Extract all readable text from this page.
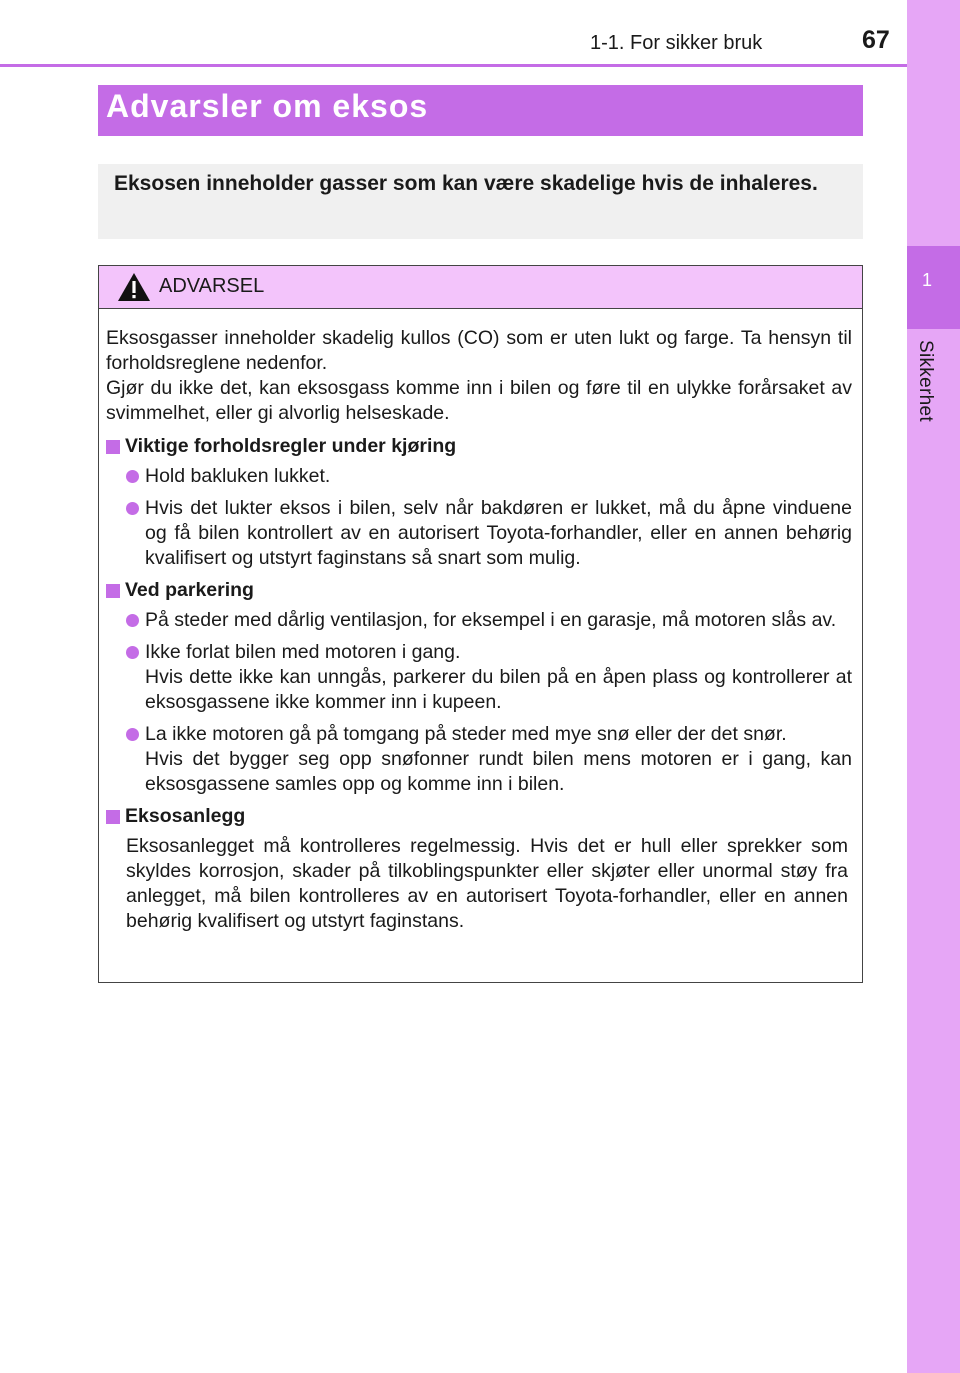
1
Sikkerhet
1-1. For sikker bruk	67
Advarsler om eksos

Eksosen inneholder gasser som kan være skadelige hvis de inhaleres.

ADVARSEL

Eksosgasser inneholder skadelig kullos (CO) som er uten lukt og farge. Ta hensyn til forholdsreglene nedenfor.

Gjør du ikke det, kan eksosgass komme inn i bilen og føre til en ulykke forårsaket av svimmelhet, eller gi alvorlig helseskade.

Viktige forholdsregler under kjøring

Hold bakluken lukket.

Hvis det lukter eksos i bilen, selv når bakdøren er lukket, må du åpne vinduene og få bilen kontrollert av en autorisert Toyota-forhandler, eller en annen behørig kvalifisert og utstyrt faginstans så snart som mulig.

Ved parkering

På steder med dårlig ventilasjon, for eksempel i en garasje, må motoren slås av.

Ikke forlat bilen med motoren i gang.

Hvis dette ikke kan unngås, parkerer du bilen på en åpen plass og kontrollerer at eksosgassene ikke kommer inn i kupeen.

La ikke motoren gå på tomgang på steder med mye snø eller der det snør.

Hvis det bygger seg opp snøfonner rundt bilen mens motoren er i gang, kan eksosgassene samles opp og komme inn i bilen.

Eksosanlegg

Eksosanlegget må kontrolleres regelmessig. Hvis det er hull eller sprekker som skyldes korrosjon, skader på tilkoblingspunkter eller skjøter eller unormal støy fra anlegget, må bilen kontrolleres av en autorisert Toyota-forhandler, eller en annen behørig kvalifisert og utstyrt faginstans.
